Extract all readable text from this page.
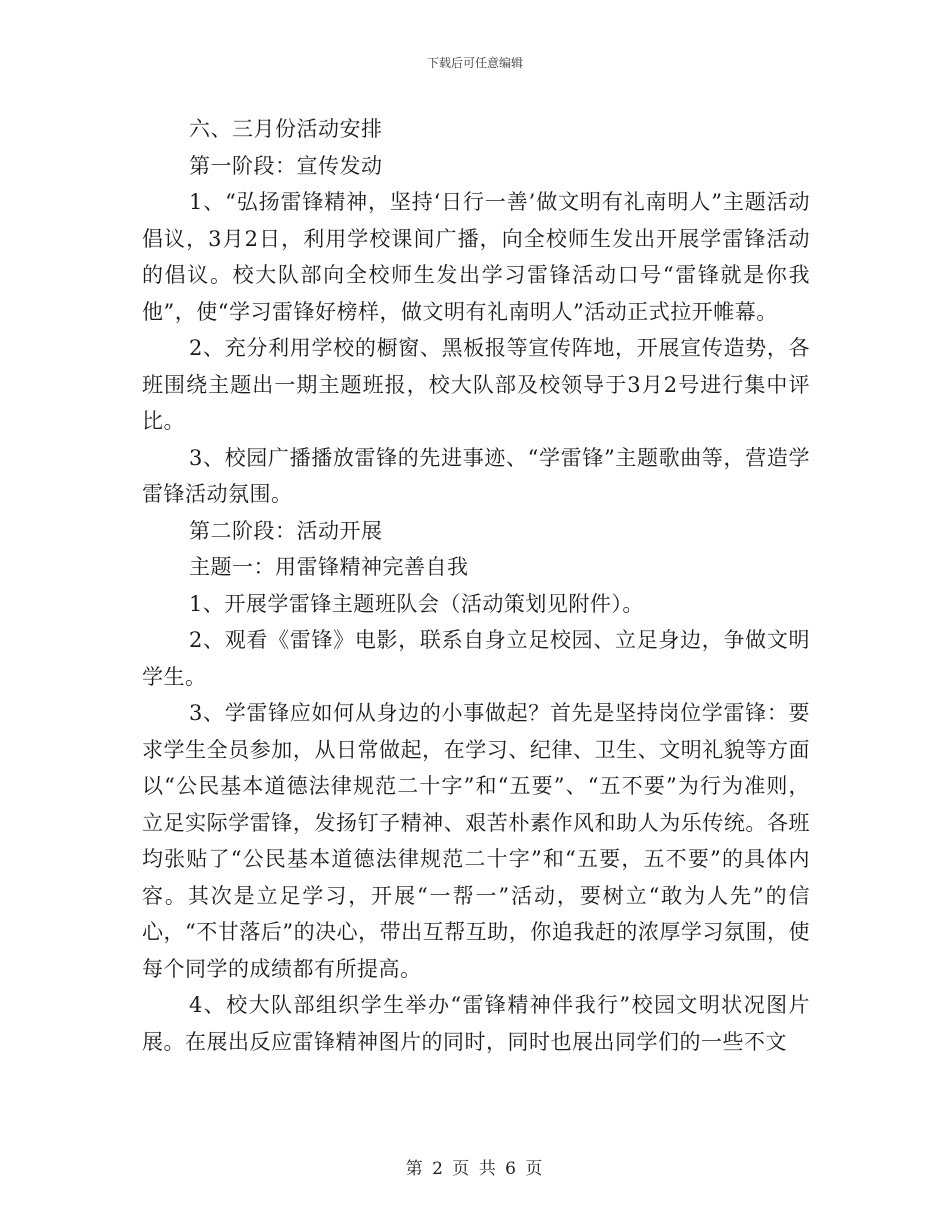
下载后可任意编辑

六、三月份活动安排

第一阶段：宣传发动

1、“弘扬雷锋精神，坚持‘日行一善’做文明有礼南明人”主题活动倡议，3月2日，利用学校课间广播，向全校师生发出开展学雷锋活动的倡议。校大队部向全校师生发出学习雷锋活动口号“雷锋就是你我他”，使“学习雷锋好榜样，做文明有礼南明人”活动正式拉开帷幕。

2、充分利用学校的橱窗、黑板报等宣传阵地，开展宣传造势，各班围绕主题出一期主题班报，校大队部及校领导于3月2号进行集中评比。

3、校园广播播放雷锋的先进事迹、“学雷锋”主题歌曲等，营造学雷锋活动氛围。

第二阶段：活动开展

主题一：用雷锋精神完善自我

1、开展学雷锋主题班队会（活动策划见附件）。

2、观看《雷锋》电影，联系自身立足校园、立足身边，争做文明学生。

3、学雷锋应如何从身边的小事做起？首先是坚持岗位学雷锋：要求学生全员参加，从日常做起，在学习、纪律、卫生、文明礼貌等方面以“公民基本道德法律规范二十字”和“五要”、“五不要”为行为准则，立足实际学雷锋，发扬钉子精神、艰苦朴素作风和助人为乐传统。各班均张贴了“公民基本道德法律规范二十字”和“五要，五不要”的具体内容。其次是立足学习，开展“一帮一”活动，要树立“敢为人先”的信心，“不甘落后”的决心，带出互帮互助，你追我赶的浓厚学习氛围，使每个同学的成绩都有所提高。

4、校大队部组织学生举办“雷锋精神伴我行”校园文明状况图片展。在展出反应雷锋精神图片的同时，同时也展出同学们的一些不文

第 2 页 共 6 页
